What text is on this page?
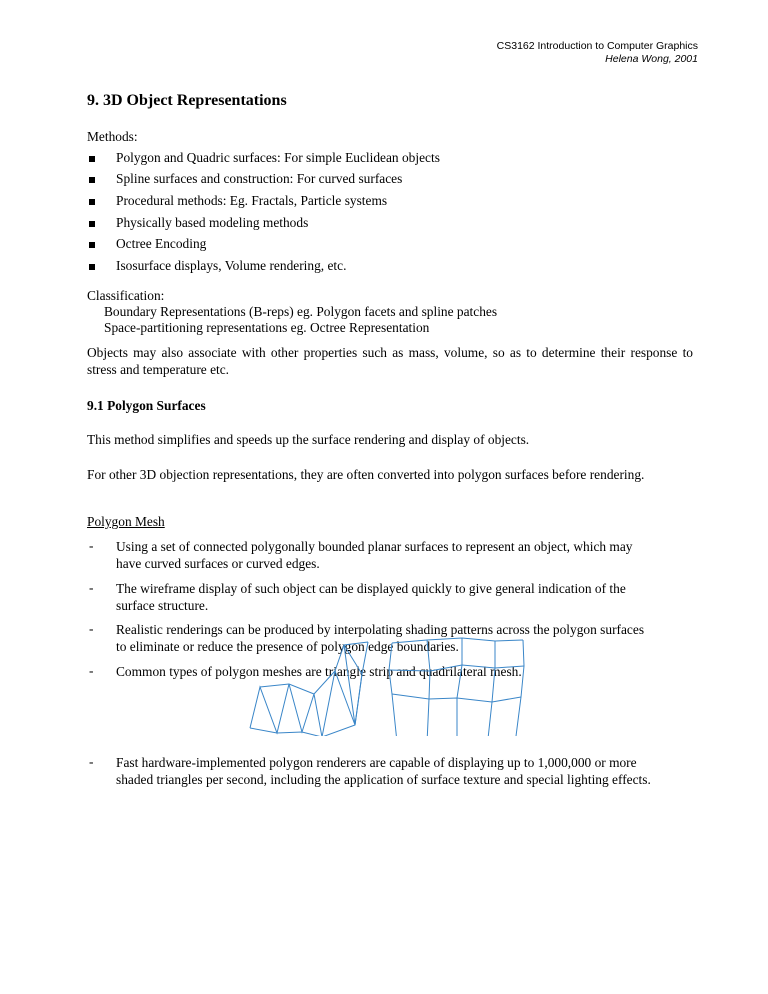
CS3162 Introduction to Computer Graphics
Helena Wong, 2001
9. 3D Object Representations
Methods:
Polygon and Quadric surfaces: For simple Euclidean objects
Spline surfaces and construction: For curved surfaces
Procedural methods: Eg. Fractals, Particle systems
Physically based modeling methods
Octree Encoding
Isosurface displays, Volume rendering, etc.
Classification:
Boundary Representations (B-reps) eg. Polygon facets and spline patches
Space-partitioning representations eg. Octree Representation
Objects may also associate with other properties such as mass, volume, so as to determine their response to stress and temperature etc.
9.1 Polygon Surfaces
This method simplifies and speeds up the surface rendering and display of objects.
For other 3D objection representations, they are often converted into polygon surfaces before rendering.
Polygon Mesh
- Using a set of connected polygonally bounded planar surfaces to represent an object, which may have curved surfaces or curved edges.
- The wireframe display of such object can be displayed quickly to give general indication of the surface structure.
- Realistic renderings can be produced by interpolating shading patterns across the polygon surfaces to eliminate or reduce the presence of polygon edge boundaries.
- Common types of polygon meshes are triangle strip and quadrilateral mesh.
- Fast hardware-implemented polygon renderers are capable of displaying up to 1,000,000 or more shaded triangles per second, including the application of surface texture and special lighting effects.
